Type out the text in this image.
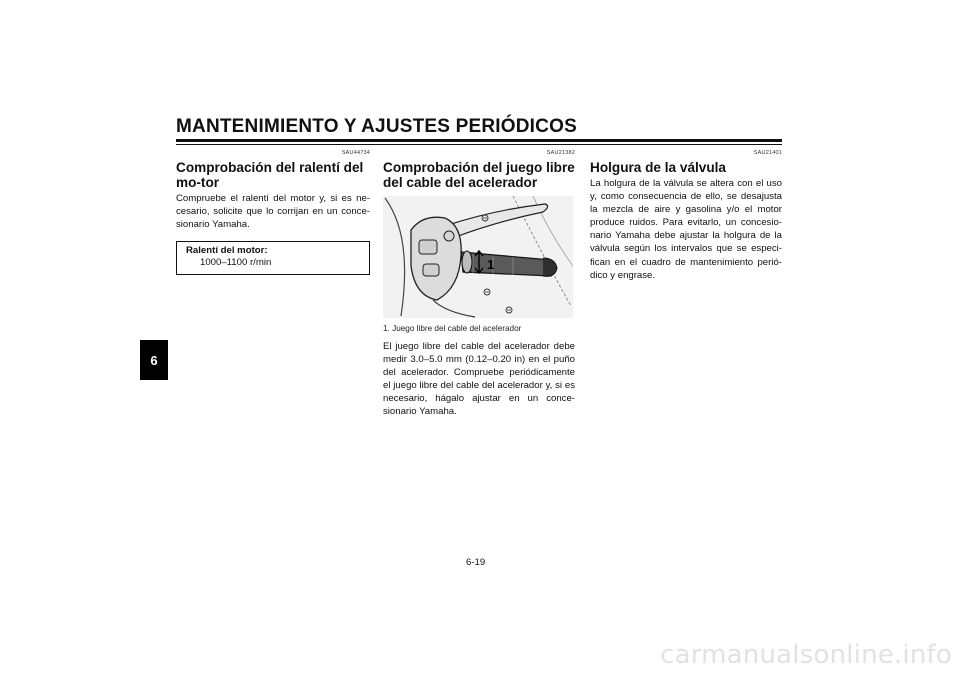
MANTENIMIENTO Y AJUSTES PERIÓDICOS
6
SAU44734
Comprobación del ralentí del mo-tor
Compruebe el ralentí del motor y, si es ne-cesario, solicite que lo corrijan en un conce-sionario Yamaha.
Ralentí del motor:
1000–1100 r/min
SAU21382
Comprobación del juego libre del cable del acelerador
1
1. Juego libre del cable del acelerador
El juego libre del cable del acelerador debe medir 3.0–5.0 mm (0.12–0.20 in) en el puño del acelerador. Compruebe periódicamente el juego libre del cable del acelerador y, si es necesario, hágalo ajustar en un conce-sionario Yamaha.
SAU21401
Holgura de la válvula
La holgura de la válvula se altera con el uso y, como consecuencia de ello, se desajusta la mezcla de aire y gasolina y/o el motor produce ruidos. Para evitarlo, un concesio-nario Yamaha debe ajustar la holgura de la válvula según los intervalos que se especi-fican en el cuadro de mantenimiento perió-dico y engrase.
6-19
carmanualsonline.info
